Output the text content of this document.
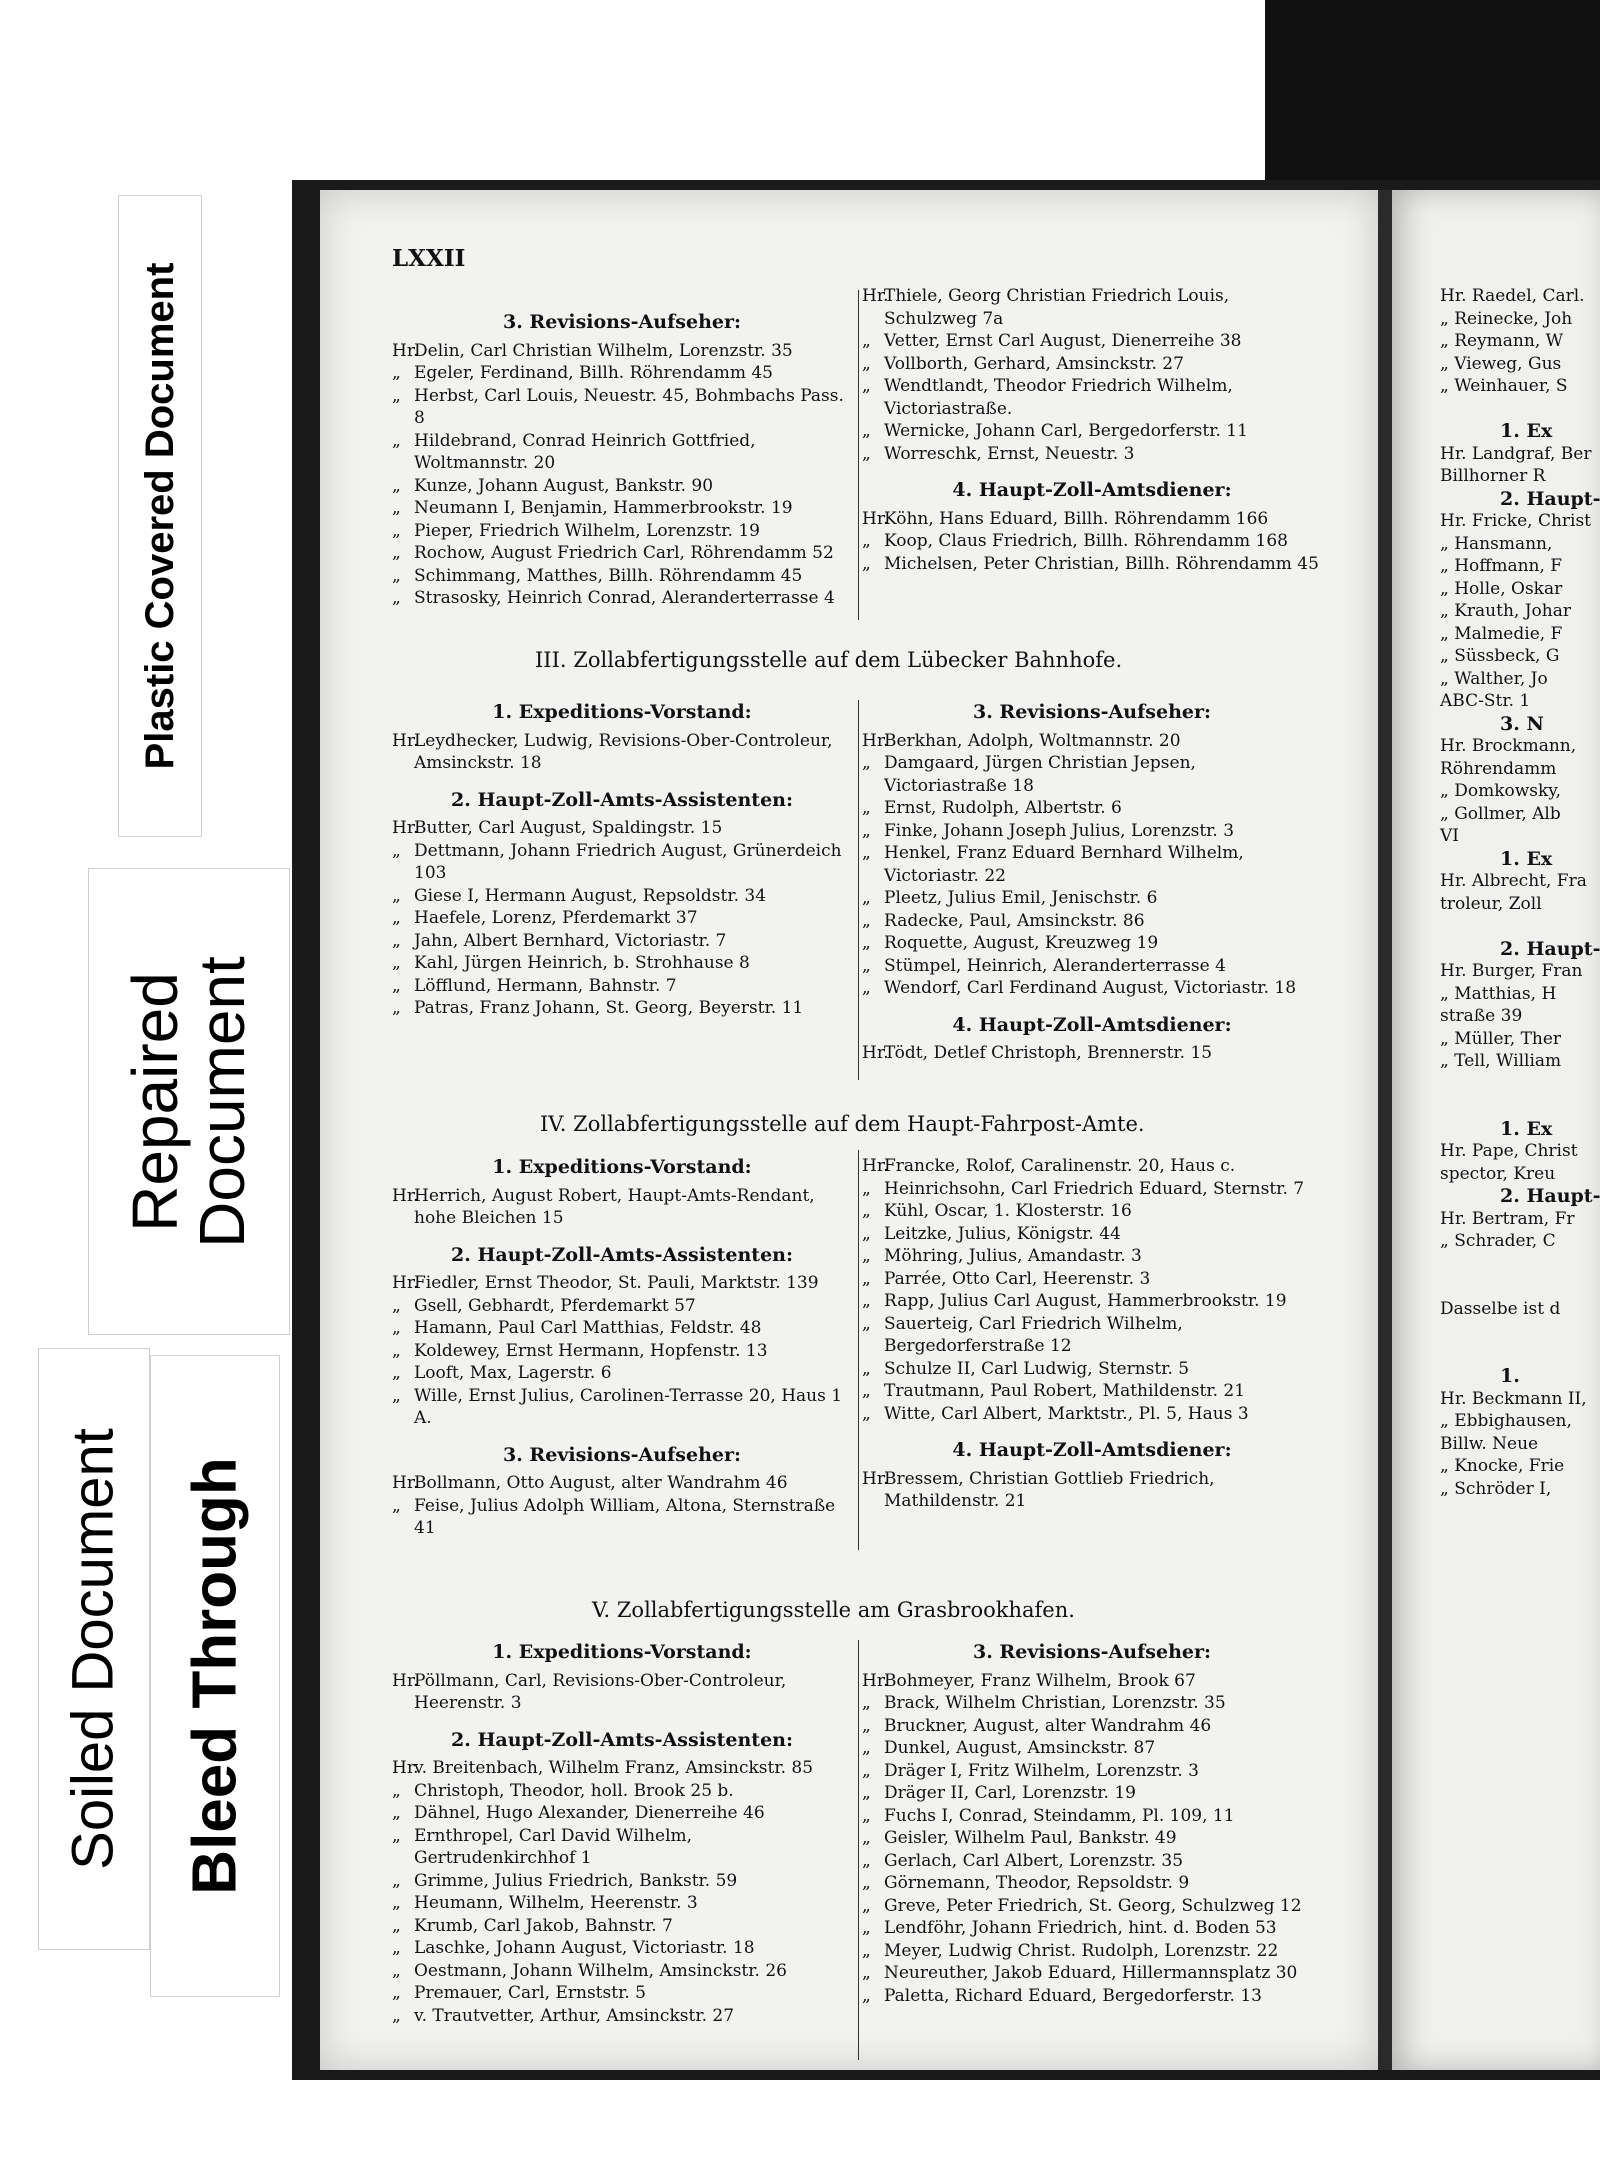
Plastic Covered Document
Repaired
Document
Soiled Document Bleed Through
LXXII
3. Revisions-Aufseher:
Hr.Delin, Carl Christian Wilhelm, Lorenzstr. 35
„ Egeler, Ferdinand, Billh. Röhrendamm 45
„ Herbst, Carl Louis, Neuestr. 45, Bohmbachs Pass. 8
„ Hildebrand, Conrad Heinrich Gottfried, Woltmannstr. 20
„ Kunze, Johann August, Bankstr. 90
„ Neumann I, Benjamin, Hammerbrookstr. 19
„ Pieper, Friedrich Wilhelm, Lorenzstr. 19
„ Rochow, August Friedrich Carl, Röhrendamm 52
„ Schimmang, Matthes, Billh. Röhrendamm 45
„ Strasosky, Heinrich Conrad, Aleranderterrasse 4
Hr.Thiele, Georg Christian Friedrich Louis, Schulzweg 7a
„ Vetter, Ernst Carl August, Dienerreihe 38
„ Vollborth, Gerhard, Amsinckstr. 27
„ Wendtlandt, Theodor Friedrich Wilhelm, Victoriastraße.
„ Wernicke, Johann Carl, Bergedorferstr. 11
„ Worreschk, Ernst, Neuestr. 3
4. Haupt-Zoll-Amtsdiener:
Hr.Köhn, Hans Eduard, Billh. Röhrendamm 166
„ Koop, Claus Friedrich, Billh. Röhrendamm 168
„ Michelsen, Peter Christian, Billh. Röhrendamm 45
III. Zollabfertigungsstelle auf dem Lübecker Bahnhofe.
1. Expeditions-Vorstand:
Hr.Leydhecker, Ludwig, Revisions-Ober-Controleur, Amsinckstr. 18
2. Haupt-Zoll-Amts-Assistenten:
Hr.Butter, Carl August, Spaldingstr. 15
„ Dettmann, Johann Friedrich August, Grünerdeich 103
„ Giese I, Hermann August, Repsoldstr. 34
„ Haefele, Lorenz, Pferdemarkt 37
„ Jahn, Albert Bernhard, Victoriastr. 7
„ Kahl, Jürgen Heinrich, b. Strohhause 8
„ Löfflund, Hermann, Bahnstr. 7
„ Patras, Franz Johann, St. Georg, Beyerstr. 11
3. Revisions-Aufseher:
Hr.Berkhan, Adolph, Woltmannstr. 20
„ Damgaard, Jürgen Christian Jepsen, Victoriastraße 18
„ Ernst, Rudolph, Albertstr. 6
„ Finke, Johann Joseph Julius, Lorenzstr. 3
„ Henkel, Franz Eduard Bernhard Wilhelm, Victoriastr. 22
„ Pleetz, Julius Emil, Jenischstr. 6
„ Radecke, Paul, Amsinckstr. 86
„ Roquette, August, Kreuzweg 19
„ Stümpel, Heinrich, Aleranderterrasse 4
„ Wendorf, Carl Ferdinand August, Victoriastr. 18
4. Haupt-Zoll-Amtsdiener:
Hr.Tödt, Detlef Christoph, Brennerstr. 15
IV. Zollabfertigungsstelle auf dem Haupt-Fahrpost-Amte.
1. Expeditions-Vorstand:
Hr.Herrich, August Robert, Haupt-Amts-Rendant, hohe Bleichen 15
2. Haupt-Zoll-Amts-Assistenten:
Hr.Fiedler, Ernst Theodor, St. Pauli, Marktstr. 139
„ Gsell, Gebhardt, Pferdemarkt 57
„ Hamann, Paul Carl Matthias, Feldstr. 48
„ Koldewey, Ernst Hermann, Hopfenstr. 13
„ Looft, Max, Lagerstr. 6
„ Wille, Ernst Julius, Carolinen-Terrasse 20, Haus 1 A.
3. Revisions-Aufseher:
Hr.Bollmann, Otto August, alter Wandrahm 46
„ Feise, Julius Adolph William, Altona, Sternstraße 41
Hr.Francke, Rolof, Caralinenstr. 20, Haus c.
„ Heinrichsohn, Carl Friedrich Eduard, Sternstr. 7
„ Kühl, Oscar, 1. Klosterstr. 16
„ Leitzke, Julius, Königstr. 44
„ Möhring, Julius, Amandastr. 3
„ Parrée, Otto Carl, Heerenstr. 3
„ Rapp, Julius Carl August, Hammerbrookstr. 19
„ Sauerteig, Carl Friedrich Wilhelm, Bergedorferstraße 12
„ Schulze II, Carl Ludwig, Sternstr. 5
„ Trautmann, Paul Robert, Mathildenstr. 21
„ Witte, Carl Albert, Marktstr., Pl. 5, Haus 3
4. Haupt-Zoll-Amtsdiener:
Hr.Bressem, Christian Gottlieb Friedrich, Mathildenstr. 21
V. Zollabfertigungsstelle am Grasbrookhafen.
1. Expeditions-Vorstand:
Hr.Pöllmann, Carl, Revisions-Ober-Controleur, Heerenstr. 3
2. Haupt-Zoll-Amts-Assistenten:
Hr.v. Breitenbach, Wilhelm Franz, Amsinckstr. 85
„ Christoph, Theodor, holl. Brook 25 b.
„ Dähnel, Hugo Alexander, Dienerreihe 46
„ Ernthropel, Carl David Wilhelm, Gertrudenkirchhof 1
„ Grimme, Julius Friedrich, Bankstr. 59
„ Heumann, Wilhelm, Heerenstr. 3
„ Krumb, Carl Jakob, Bahnstr. 7
„ Laschke, Johann August, Victoriastr. 18
„ Oestmann, Johann Wilhelm, Amsinckstr. 26
„ Premauer, Carl, Ernststr. 5
„ v. Trautvetter, Arthur, Amsinckstr. 27
3. Revisions-Aufseher:
Hr.Bohmeyer, Franz Wilhelm, Brook 67
„ Brack, Wilhelm Christian, Lorenzstr. 35
„ Bruckner, August, alter Wandrahm 46
„ Dunkel, August, Amsinckstr. 87
„ Dräger I, Fritz Wilhelm, Lorenzstr. 3
„ Dräger II, Carl, Lorenzstr. 19
„ Fuchs I, Conrad, Steindamm, Pl. 109, 11
„ Geisler, Wilhelm Paul, Bankstr. 49
„ Gerlach, Carl Albert, Lorenzstr. 35
„ Görnemann, Theodor, Repsoldstr. 9
„ Greve, Peter Friedrich, St. Georg, Schulzweg 12
„ Lendföhr, Johann Friedrich, hint. d. Boden 53
„ Meyer, Ludwig Christ. Rudolph, Lorenzstr. 22
„ Neureuther, Jakob Eduard, Hillermannsplatz 30
„ Paletta, Richard Eduard, Bergedorferstr. 13
Hr. Raedel, Carl.
„ Reinecke, Joh
„ Reymann, W
„ Vieweg, Gus
„ Weinhauer, S

1. Ex
Hr. Landgraf, Ber
Billhorner R
2. Haupt-
Hr. Fricke, Christ
„ Hansmann,
„ Hoffmann, F
„ Holle, Oskar
„ Krauth, Johar
„ Malmedie, F
„ Süssbeck, G
„ Walther, Jo
ABC-Str. 1
3. N
Hr. Brockmann,
Röhrendamm
„ Domkowsky,
„ Gollmer, Alb
VI
1. Ex
Hr. Albrecht, Fra
troleur, Zoll

2. Haupt-
Hr. Burger, Fran
„ Matthias, H
straße 39
„ Müller, Ther
„ Tell, William

1. Ex
Hr. Pape, Christ
spector, Kreu
2. Haupt-
Hr. Bertram, Fr
„ Schrader, C

Dasselbe ist d

1.
Hr. Beckmann II,
„ Ebbighausen,
Billw. Neue
„ Knocke, Frie
„ Schröder I,
